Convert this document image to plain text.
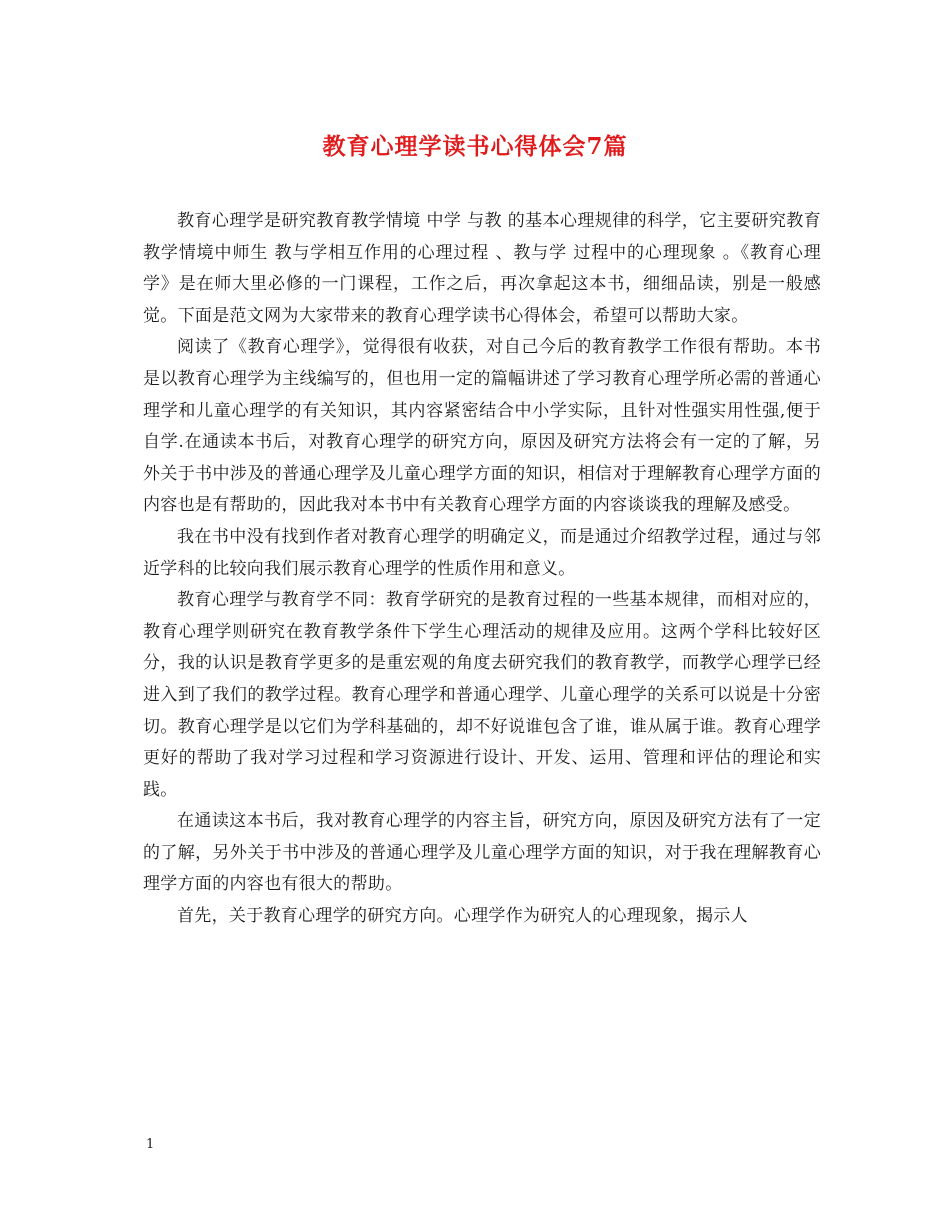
教育心理学读书心得体会7篇

教育心理学是研究教育教学情境 中学 与教 的基本心理规律的科学，它主要研究教育教学情境中师生 教与学相互作用的心理过程 、教与学 过程中的心理现象 。《教育心理学》是在师大里必修的一门课程，工作之后，再次拿起这本书，细细品读，别是一般感觉。下面是范文网为大家带来的教育心理学读书心得体会，希望可以帮助大家。

阅读了《教育心理学》，觉得很有收获，对自己今后的教育教学工作很有帮助。本书是以教育心理学为主线编写的，但也用一定的篇幅讲述了学习教育心理学所必需的普通心理学和儿童心理学的有关知识，其内容紧密结合中小学实际，且针对性强实用性强,便于自学.在通读本书后，对教育心理学的研究方向，原因及研究方法将会有一定的了解，另外关于书中涉及的普通心理学及儿童心理学方面的知识，相信对于理解教育心理学方面的内容也是有帮助的，因此我对本书中有关教育心理学方面的内容谈谈我的理解及感受。

我在书中没有找到作者对教育心理学的明确定义，而是通过介绍教学过程，通过与邻近学科的比较向我们展示教育心理学的性质作用和意义。

教育心理学与教育学不同：教育学研究的是教育过程的一些基本规律，而相对应的，教育心理学则研究在教育教学条件下学生心理活动的规律及应用。这两个学科比较好区分，我的认识是教育学更多的是重宏观的角度去研究我们的教育教学，而教学心理学已经进入到了我们的教学过程。教育心理学和普通心理学、儿童心理学的关系可以说是十分密切。教育心理学是以它们为学科基础的，却不好说谁包含了谁，谁从属于谁。教育心理学更好的帮助了我对学习过程和学习资源进行设计、开发、运用、管理和评估的理论和实践。

在通读这本书后，我对教育心理学的内容主旨，研究方向，原因及研究方法有了一定的了解，另外关于书中涉及的普通心理学及儿童心理学方面的知识，对于我在理解教育心理学方面的内容也有很大的帮助。

首先，关于教育心理学的研究方向。心理学作为研究人的心理现象，揭示人

1
